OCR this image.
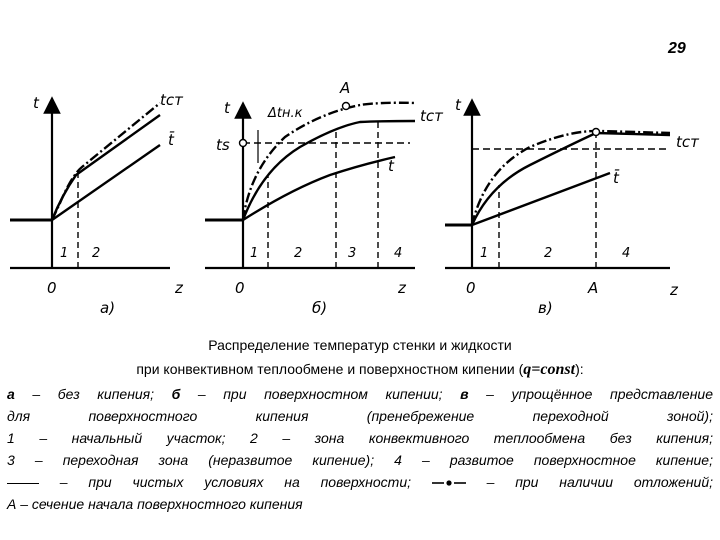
29
t	tст
t̄
1 2
0	z
а)
t
ts
Δtн.к
A
tст
t̄
1	2	3	4
0	z
б)
t
tст
t̄
1	2	4
0	A	z
в)
Распределение температур стенки и жидкости
при конвективном теплообмене и поверхностном кипении (q=const):
а – без кипения; б – при поверхностном кипении; в – упрощённое представление
для поверхностного кипения (пренебрежение переходной зоной);
1 – начальный участок; 2 – зона конвективного теплообмена без кипения;
3 – переходная зона (неразвитое кипение); 4 – развитое поверхностное кипение;
– при чистых условиях на поверхности;  – при наличии отложений;
А – сечение начала поверхностного кипения
